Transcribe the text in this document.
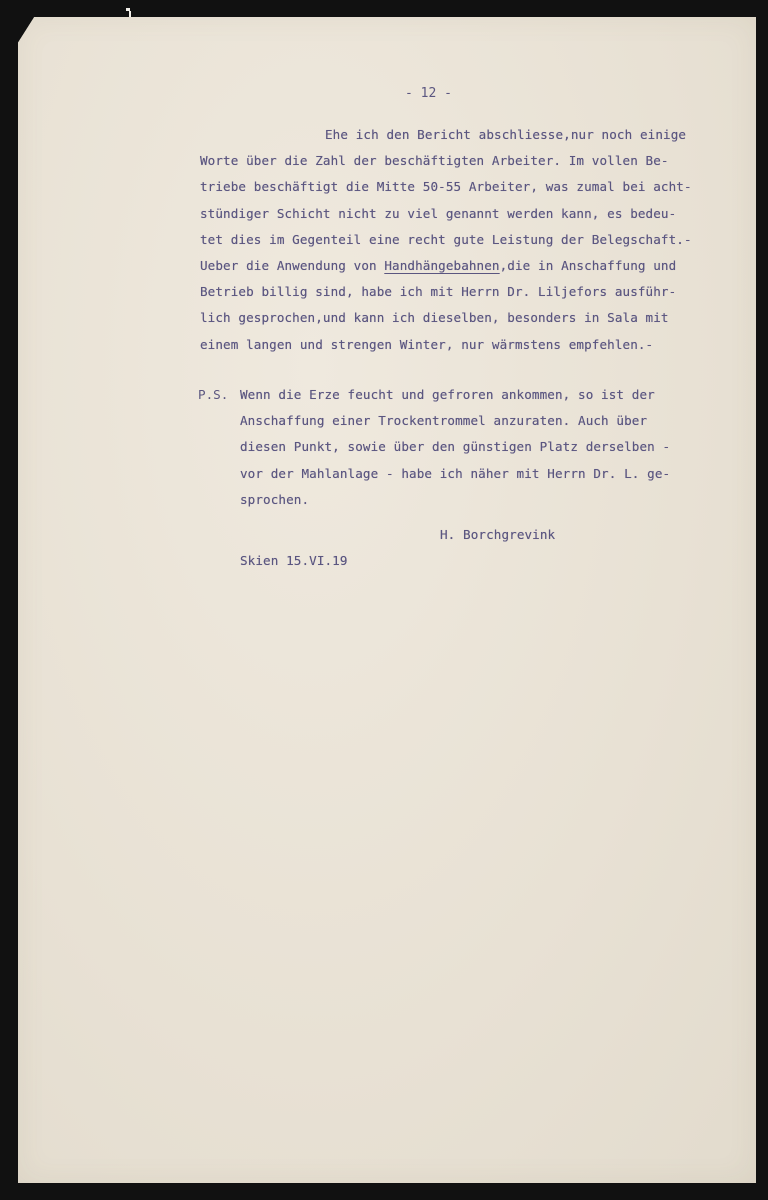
- 12 -
Ehe ich den Bericht abschliesse,nur noch einige
Worte über die Zahl der beschäftigten Arbeiter. Im vollen Be-
triebe beschäftigt die Mitte 50-55 Arbeiter, was zumal bei acht-
stündiger Schicht nicht zu viel genannt werden kann, es bedeu-
tet dies im Gegenteil eine recht gute Leistung der Belegschaft.-
Ueber die Anwendung von Handhängebahnen,die in Anschaffung und
Betrieb billig sind, habe ich mit Herrn Dr. Liljefors ausführ-
lich gesprochen,und kann ich dieselben, besonders in Sala mit
einem langen und strengen Winter, nur wärmstens empfehlen.-
P.S. Wenn die Erze feucht und gefroren ankommen, so ist der
Anschaffung einer Trockentrommel anzuraten. Auch über
diesen Punkt, sowie über den günstigen Platz derselben -
vor der Mahlanlage - habe ich näher mit Herrn Dr. L. ge-
sprochen.
H. Borchgrevink
Skien 15.VI.19
